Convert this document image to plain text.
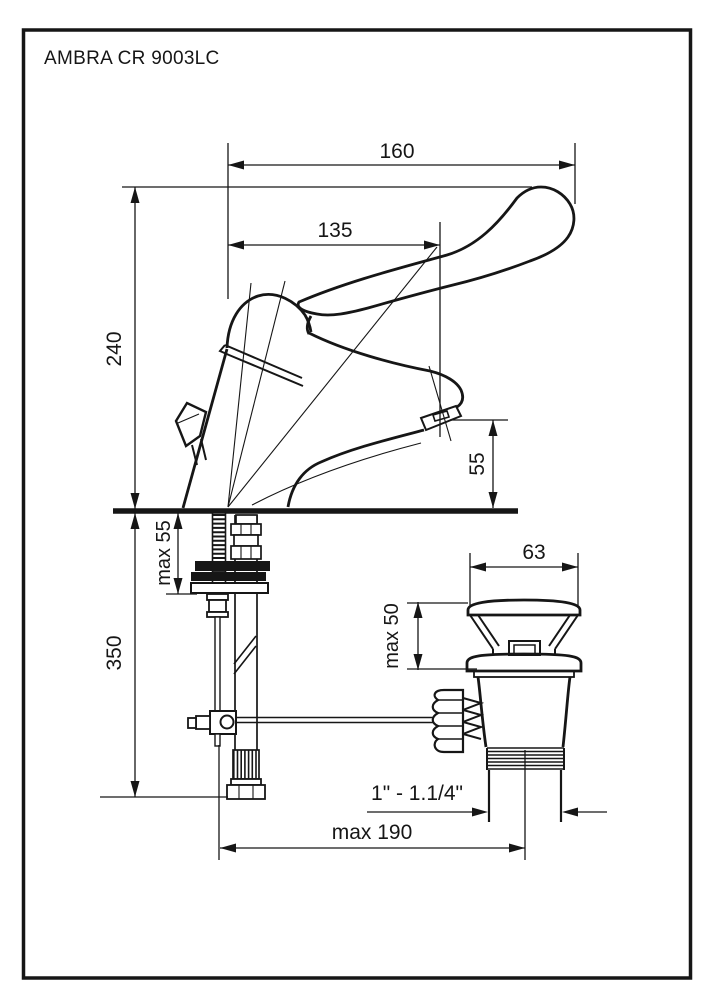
AMBRA CR 9003LC
160
135
240
55
max 55
350
63
max 50
1" - 1.1/4"
max 190
